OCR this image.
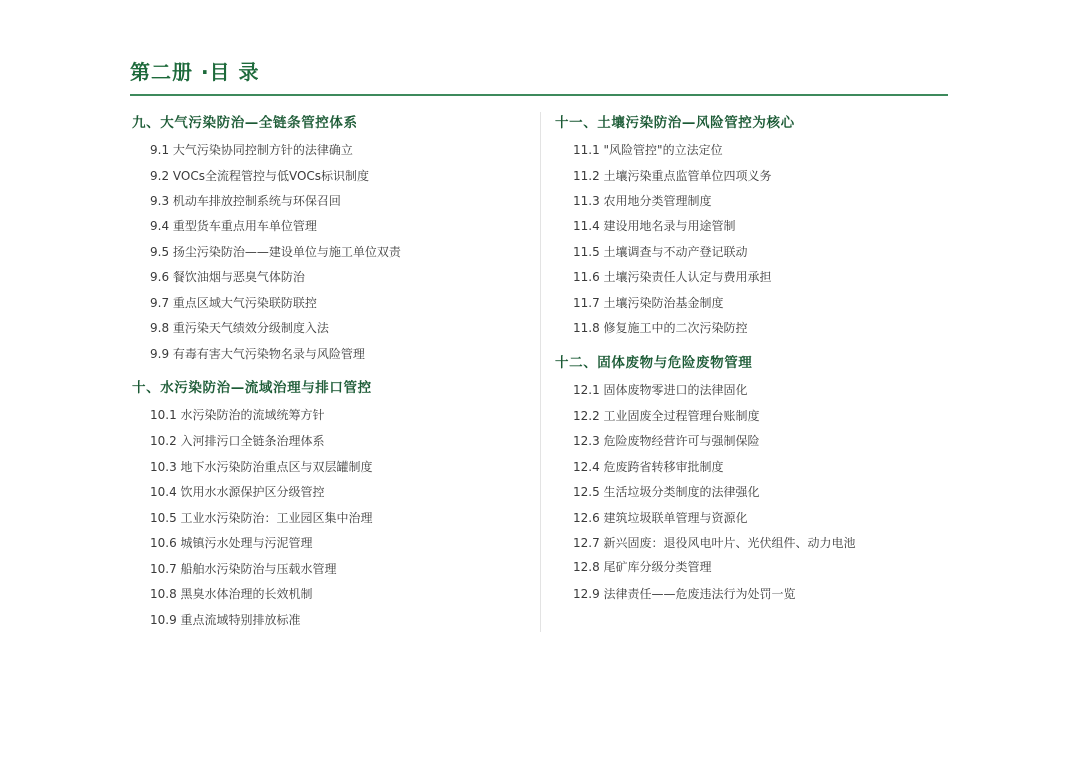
第二册 ·目 录
九、大气污染防治—全链条管控体系
9.1 大气污染协同控制方针的法律确立
9.2 VOCs全流程管控与低VOCs标识制度
9.3 机动车排放控制系统与环保召回
9.4 重型货车重点用车单位管理
9.5 扬尘污染防治——建设单位与施工单位双责
9.6 餐饮油烟与恶臭气体防治
9.7 重点区域大气污染联防联控
9.8 重污染天气绩效分级制度入法
9.9 有毒有害大气污染物名录与风险管理
十、水污染防治—流域治理与排口管控
10.1 水污染防治的流域统筹方针
10.2 入河排污口全链条治理体系
10.3 地下水污染防治重点区与双层罐制度
10.4 饮用水水源保护区分级管控
10.5 工业水污染防治：工业园区集中治理
10.6 城镇污水处理与污泥管理
10.7 船舶水污染防治与压载水管理
10.8 黑臭水体治理的长效机制
10.9 重点流域特别排放标准
十一、土壤污染防治—风险管控为核心
11.1 "风险管控"的立法定位
11.2 土壤污染重点监管单位四项义务
11.3 农用地分类管理制度
11.4 建设用地名录与用途管制
11.5 土壤调查与不动产登记联动
11.6 土壤污染责任人认定与费用承担
11.7 土壤污染防治基金制度
11.8 修复施工中的二次污染防控
十二、固体废物与危险废物管理
12.1 固体废物零进口的法律固化
12.2 工业固废全过程管理台账制度
12.3 危险废物经营许可与强制保险
12.4 危废跨省转移审批制度
12.5 生活垃圾分类制度的法律强化
12.6 建筑垃圾联单管理与资源化
12.7 新兴固废：退役风电叶片、光伏组件、动力电池
12.8 尾矿库分级分类管理
12.9 法律责任——危废违法行为处罚一览
